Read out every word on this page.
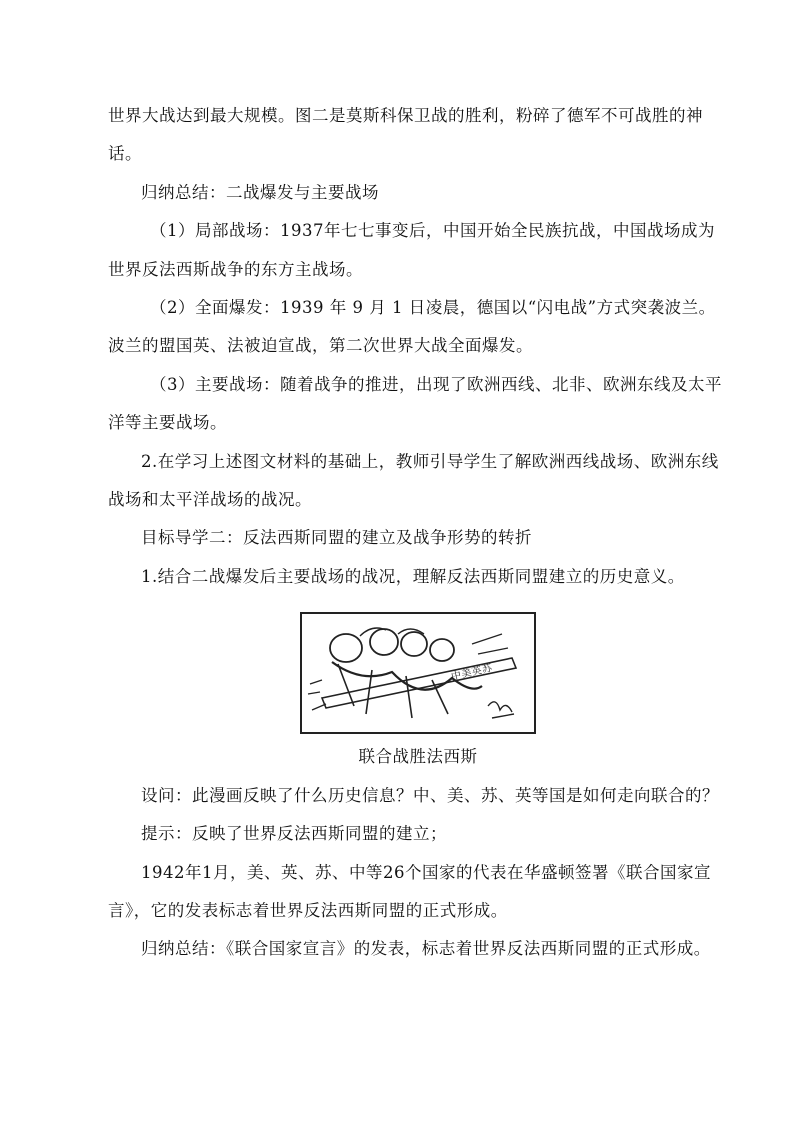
世界大战达到最大规模。图二是莫斯科保卫战的胜利，粉碎了德军不可战胜的神话。

归纳总结：二战爆发与主要战场

（1）局部战场：1937年七七事变后，中国开始全民族抗战，中国战场成为世界反法西斯战争的东方主战场。

（2）全面爆发：1939 年 9 月 1 日凌晨，德国以“闪电战”方式突袭波兰。波兰的盟国英、法被迫宣战，第二次世界大战全面爆发。

（3）主要战场：随着战争的推进，出现了欧洲西线、北非、欧洲东线及太平洋等主要战场。

2.在学习上述图文材料的基础上，教师引导学生了解欧洲西线战场、欧洲东线战场和太平洋战场的战况。

目标导学二：反法西斯同盟的建立及战争形势的转折

1.结合二战爆发后主要战场的战况，理解反法西斯同盟建立的历史意义。

中美英苏

联合战胜法西斯

设问：此漫画反映了什么历史信息？中、美、苏、英等国是如何走向联合的？

提示：反映了世界反法西斯同盟的建立；

1942年1月，美、英、苏、中等26个国家的代表在华盛顿签署《联合国家宣言》，它的发表标志着世界反法西斯同盟的正式形成。

归纳总结：《联合国家宣言》的发表，标志着世界反法西斯同盟的正式形成。
